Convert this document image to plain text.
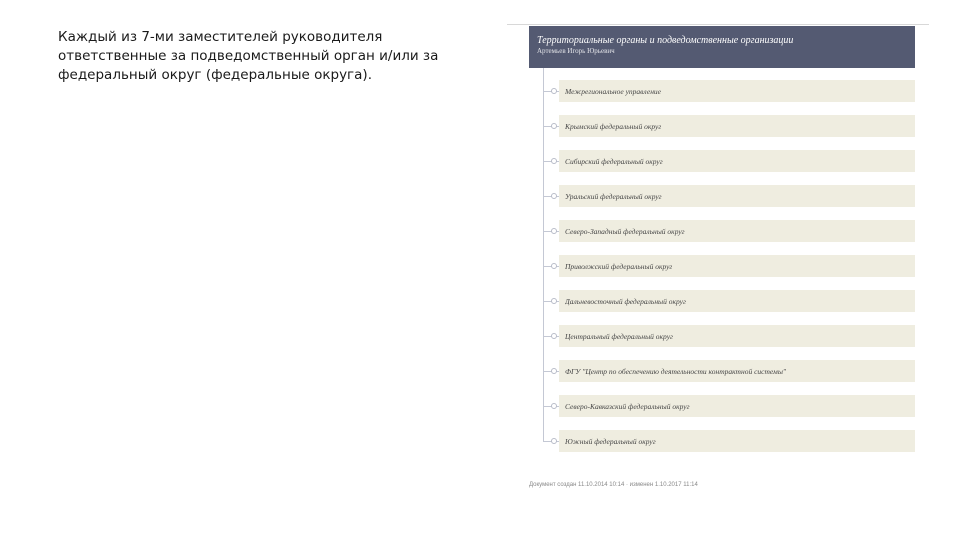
Каждый из 7-ми заместителей руководителя ответственные за подведомственный орган и/или за федеральный округ (федеральные округа).
Территориальные органы и подведомственные организации
Артемьев Игорь Юрьевич
Межрегиональное управление
Крымский федеральный округ
Сибирский федеральный округ
Уральский федеральный округ
Северо-Западный федеральный округ
Приволжский федеральный округ
Дальневосточный федеральный округ
Центральный федеральный округ
ФГУ "Центр по обеспечению деятельности контрактной системы"
Северо-Кавказский федеральный округ
Южный федеральный округ
Документ создан 11.10.2014 10:14 · изменен 1.10.2017 11:14
